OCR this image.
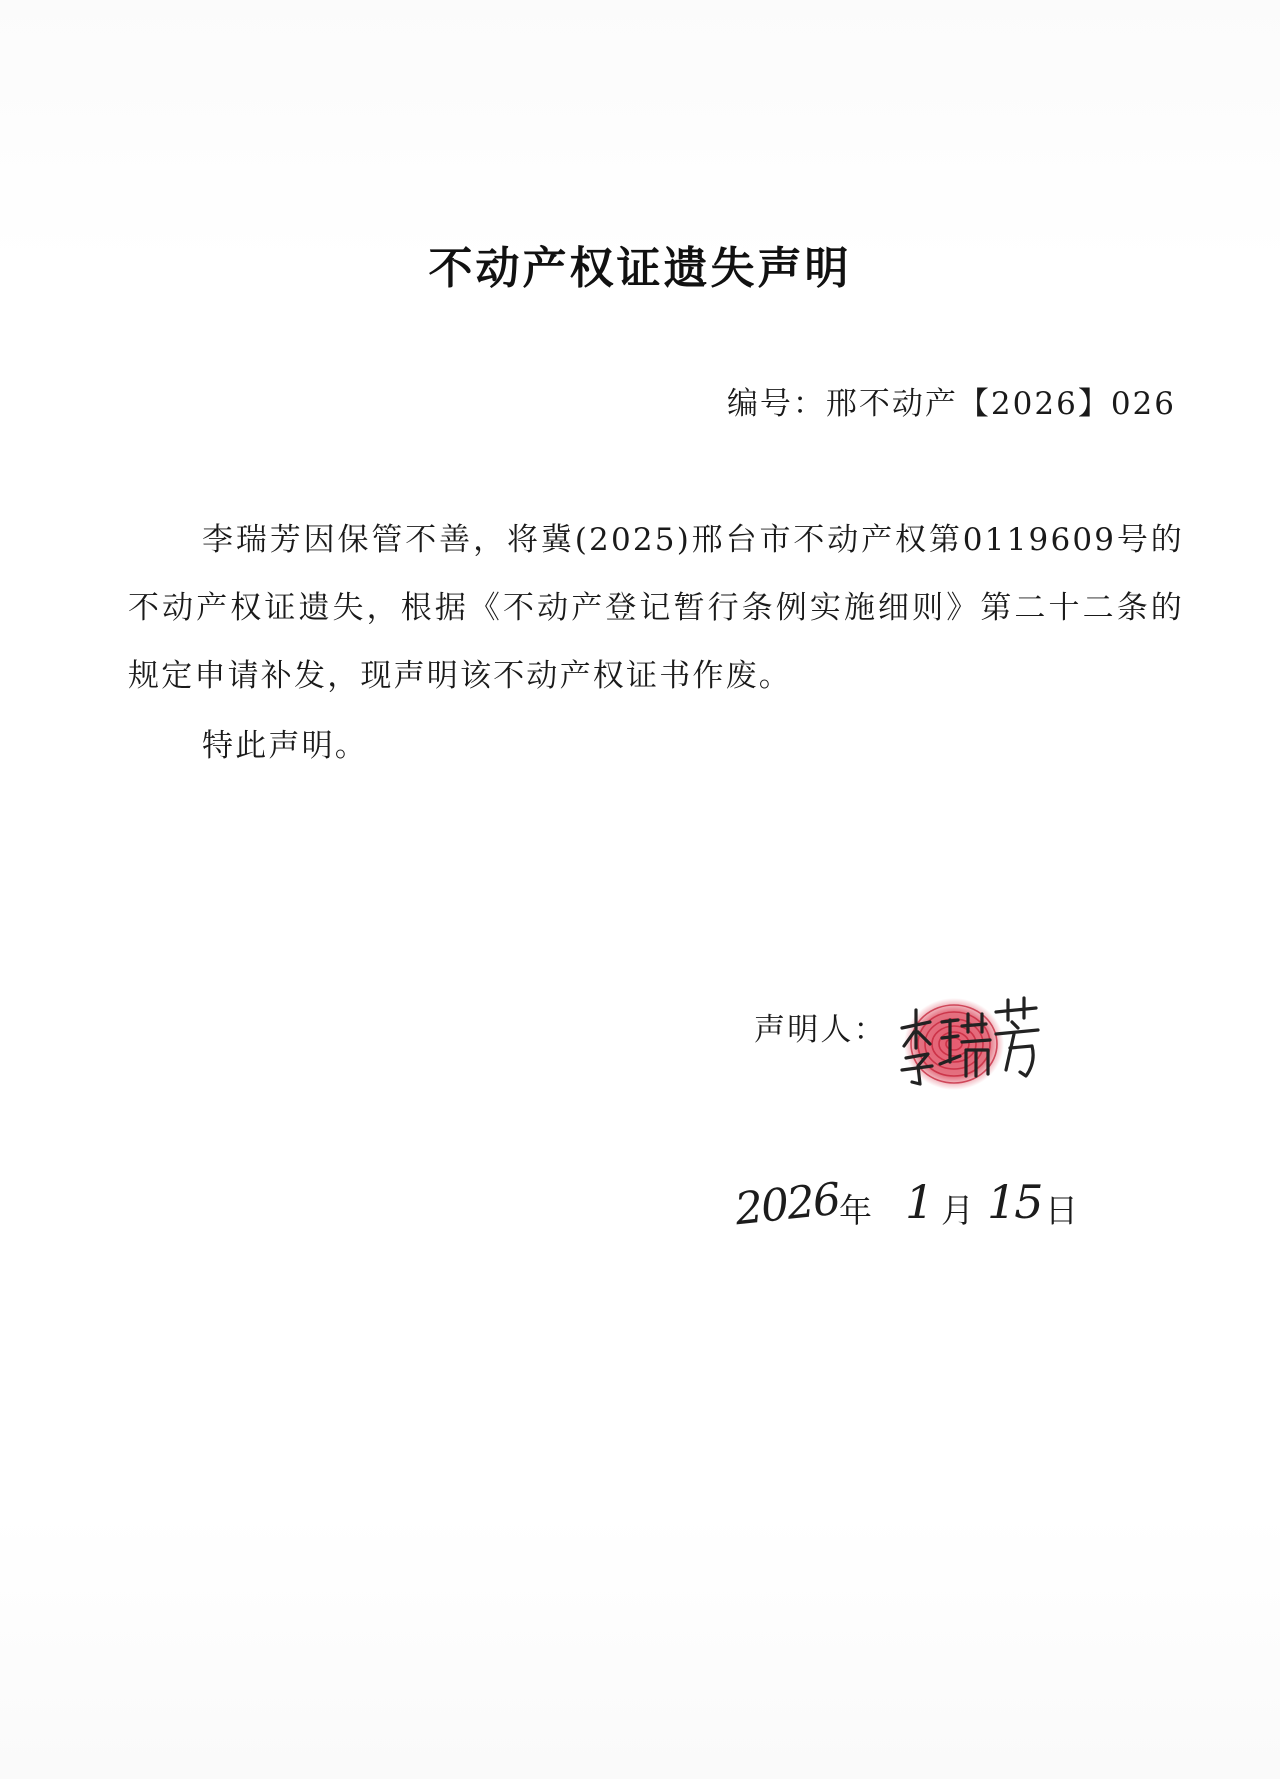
不动产权证遗失声明
编号：邢不动产【2026】026
李瑞芳因保管不善，将冀(2025)邢台市不动产权第0119609号的不动产权证遗失，根据《不动产登记暂行条例实施细则》第二十二条的规定申请补发，现声明该不动产权证书作废。
特此声明。
声明人：
2026
年 1 月 15 日
